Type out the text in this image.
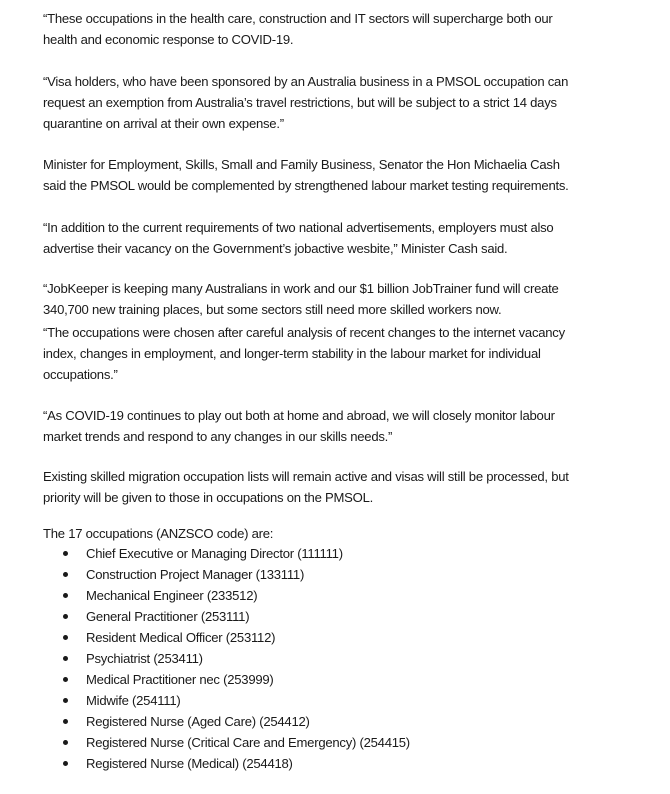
“These occupations in the health care, construction and IT sectors will supercharge both our
health and economic response to COVID-19.

“Visa holders, who have been sponsored by an Australia business in a PMSOL occupation can
request an exemption from Australia’s travel restrictions, but will be subject to a strict 14 days
quarantine on arrival at their own expense.”

Minister for Employment, Skills, Small and Family Business, Senator the Hon Michaelia Cash
said the PMSOL would be complemented by strengthened labour market testing requirements.

“In addition to the current requirements of two national advertisements, employers must also
advertise their vacancy on the Government’s jobactive wesbite,” Minister Cash said.

“JobKeeper is keeping many Australians in work and our $1 billion JobTrainer fund will create
340,700 new training places, but some sectors still need more skilled workers now.

“The occupations were chosen after careful analysis of recent changes to the internet vacancy
index, changes in employment, and longer-term stability in the labour market for individual
occupations.”

“As COVID-19 continues to play out both at home and abroad, we will closely monitor labour
market trends and respond to any changes in our skills needs.”

Existing skilled migration occupation lists will remain active and visas will still be processed, but
priority will be given to those in occupations on the PMSOL.

The 17 occupations (ANZSCO code) are:

Chief Executive or Managing Director (111111)
Construction Project Manager (133111)
Mechanical Engineer (233512)
General Practitioner (253111)
Resident Medical Officer (253112)
Psychiatrist (253411)
Medical Practitioner nec (253999)
Midwife (254111)
Registered Nurse (Aged Care) (254412)
Registered Nurse (Critical Care and Emergency) (254415)
Registered Nurse (Medical) (254418)
